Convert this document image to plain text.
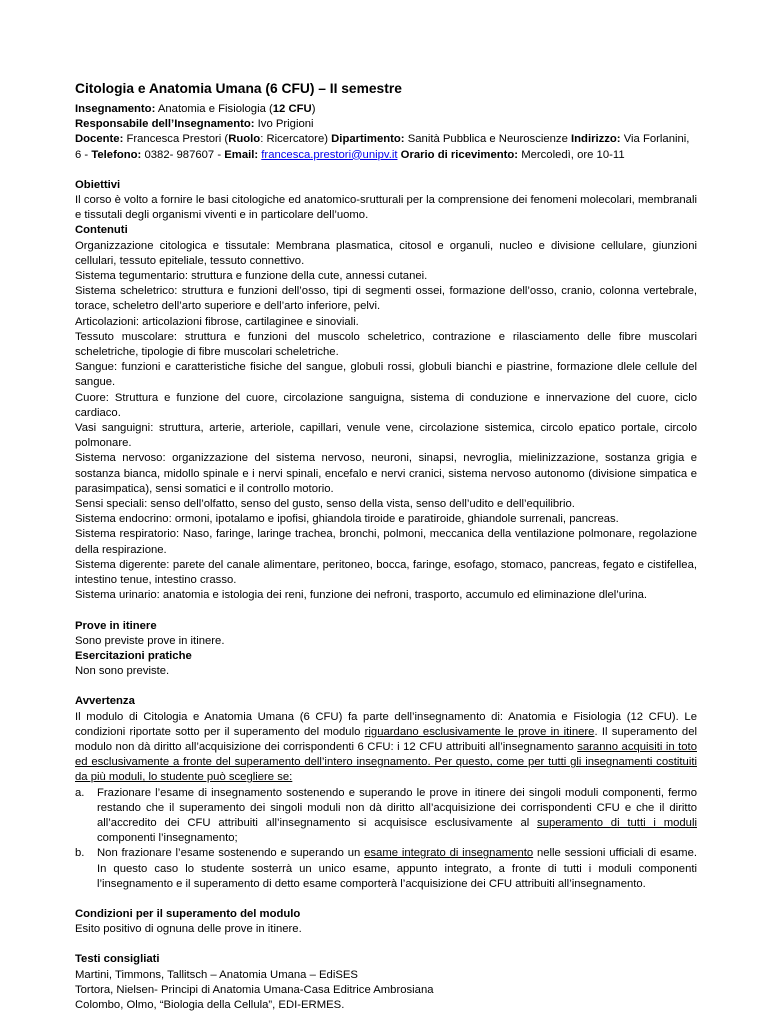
Citologia e Anatomia Umana (6 CFU) – II semestre

Insegnamento: Anatomia e Fisiologia (12 CFU)

Responsabile dell’Insegnamento: Ivo Prigioni

Docente: Francesca Prestori (Ruolo: Ricercatore) Dipartimento: Sanità Pubblica e Neuroscienze Indirizzo: Via Forlanini, 6 - Telefono: 0382- 987607 - Email: francesca.prestori@unipv.it Orario di ricevimento: Mercoledì, ore 10-11

Obiettivi

Il corso è volto a fornire le basi citologiche ed anatomico-srutturali per la comprensione dei fenomeni molecolari, membranali e tissutali degli organismi viventi e in particolare dell’uomo.

Contenuti

Organizzazione citologica e tissutale: Membrana plasmatica, citosol e organuli, nucleo e divisione cellulare, giunzioni cellulari, tessuto epiteliale, tessuto connettivo.

Sistema tegumentario: struttura e funzione della cute, annessi cutanei.

Sistema scheletrico: struttura e funzioni dell’osso, tipi di segmenti ossei, formazione dell’osso, cranio, colonna vertebrale, torace, scheletro dell’arto superiore e dell’arto inferiore, pelvi.

Articolazioni: articolazioni fibrose, cartilaginee e sinoviali.

Tessuto muscolare: struttura e funzioni del muscolo scheletrico, contrazione e rilasciamento delle fibre muscolari scheletriche, tipologie di fibre muscolari scheletriche.

Sangue: funzioni e caratteristiche fisiche del sangue, globuli rossi, globuli bianchi e piastrine, formazione dlele cellule del sangue.

Cuore: Struttura e funzione del cuore, circolazione sanguigna, sistema di conduzione e innervazione del cuore, ciclo cardiaco.

Vasi sanguigni: struttura, arterie, arteriole, capillari, venule vene, circolazione sistemica, circolo epatico portale, circolo polmonare.

Sistema nervoso: organizzazione del sistema nervoso, neuroni, sinapsi, nevroglia, mielinizzazione, sostanza grigia e sostanza bianca, midollo spinale e i nervi spinali, encefalo e nervi cranici, sistema nervoso autonomo (divisione simpatica e parasimpatica), sensi somatici e il controllo motorio.

Sensi speciali: senso dell’olfatto, senso del gusto, senso della vista, senso dell’udito e dell’equilibrio.

Sistema endocrino: ormoni, ipotalamo e ipofisi, ghiandola tiroide e paratiroide, ghiandole surrenali, pancreas.

Sistema respiratorio: Naso, faringe, laringe trachea, bronchi, polmoni, meccanica della ventilazione polmonare, regolazione della respirazione.

Sistema digerente: parete del canale alimentare, peritoneo, bocca, faringe, esofago, stomaco, pancreas, fegato e cistifellea, intestino tenue, intestino crasso.

Sistema urinario: anatomia e istologia dei reni, funzione dei nefroni, trasporto, accumulo ed eliminazione dlel’urina.

Prove in itinere

Sono previste prove in itinere.

Esercitazioni pratiche

Non sono previste.

Avvertenza

Il modulo di Citologia e Anatomia Umana (6 CFU) fa parte dell’insegnamento di: Anatomia e Fisiologia (12 CFU). Le condizioni riportate sotto per il superamento del modulo riguardano esclusivamente le prove in itinere. Il superamento del modulo non dà diritto all’acquisizione dei corrispondenti 6 CFU: i 12 CFU attribuiti all’insegnamento saranno acquisiti in toto ed esclusivamente a fronte del superamento dell’intero insegnamento. Per questo, come per tutti gli insegnamenti costituiti da più moduli, lo studente può scegliere se:

a. Frazionare l’esame di insegnamento sostenendo e superando le prove in itinere dei singoli moduli componenti, fermo restando che il superamento dei singoli moduli non dà diritto all’acquisizione dei corrispondenti CFU e che il diritto all’accredito dei CFU attribuiti all’insegnamento si acquisisce esclusivamente al superamento di tutti i moduli componenti l’insegnamento;
b. Non frazionare l’esame sostenendo e superando un esame integrato di insegnamento nelle sessioni ufficiali di esame. In questo caso lo studente sosterrà un unico esame, appunto integrato, a fronte di tutti i moduli componenti l’insegnamento e il superamento di detto esame comporterà l’acquisizione dei CFU attribuiti all’insegnamento.

Condizioni per il superamento del modulo

Esito positivo di ognuna delle prove in itinere.

Testi consigliati

Martini, Timmons, Tallitsch – Anatomia Umana – EdiSES

Tortora, Nielsen- Principi di Anatomia Umana-Casa Editrice Ambrosiana

Colombo, Olmo, “Biologia della Cellula”, EDI-ERMES.
